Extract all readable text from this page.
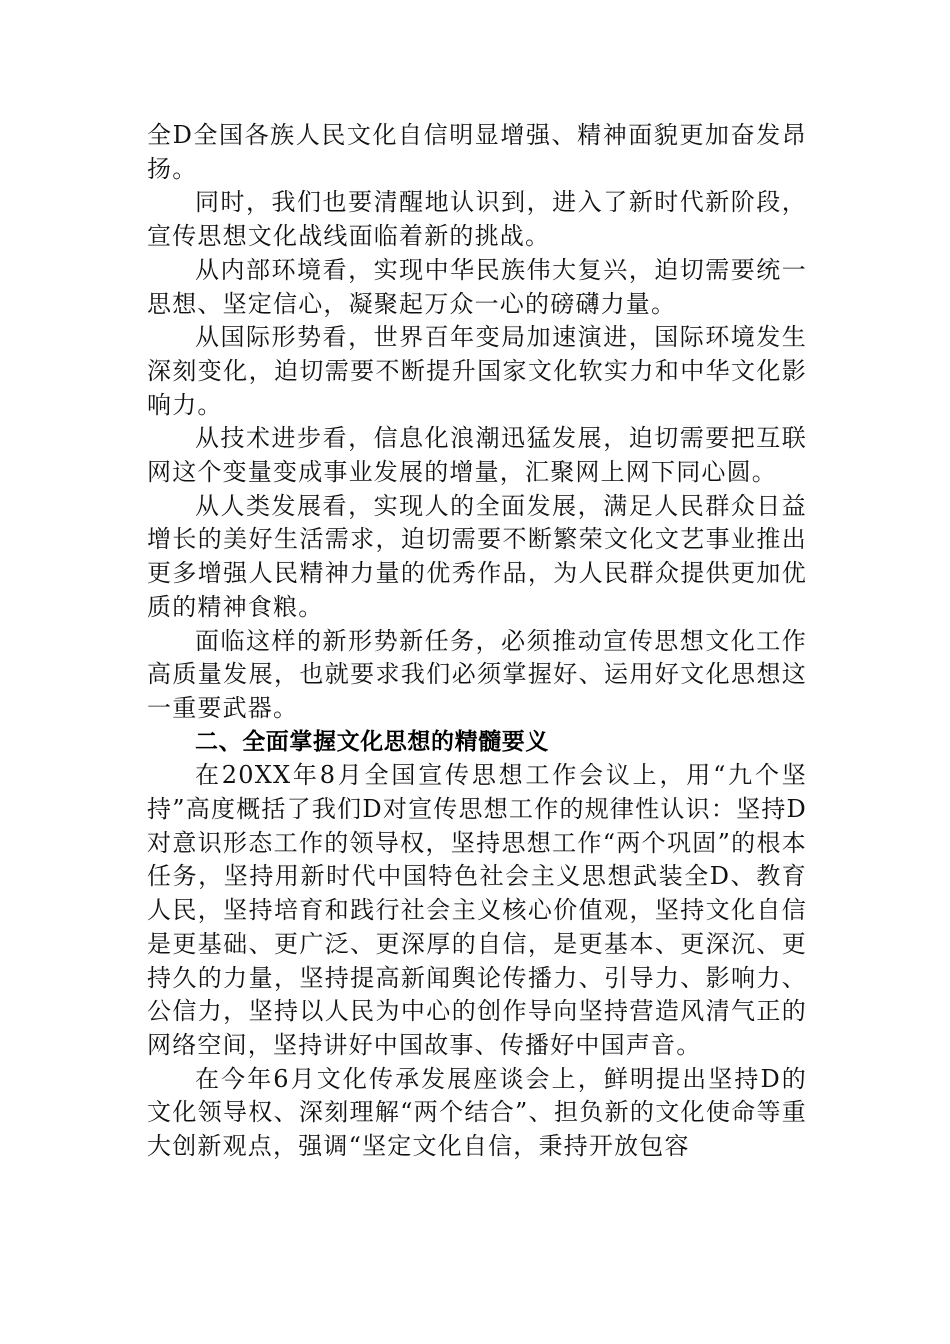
全D全国各族人民文化自信明显增强、精神面貌更加奋发昂扬。

同时，我们也要清醒地认识到，进入了新时代新阶段，宣传思想文化战线面临着新的挑战。

从内部环境看，实现中华民族伟大复兴，迫切需要统一思想、坚定信心，凝聚起万众一心的磅礴力量。

从国际形势看，世界百年变局加速演进，国际环境发生深刻变化，迫切需要不断提升国家文化软实力和中华文化影响力。

从技术进步看，信息化浪潮迅猛发展，迫切需要把互联网这个变量变成事业发展的增量，汇聚网上网下同心圆。

从人类发展看，实现人的全面发展，满足人民群众日益增长的美好生活需求，迫切需要不断繁荣文化文艺事业推出更多增强人民精神力量的优秀作品，为人民群众提供更加优质的精神食粮。

面临这样的新形势新任务，必须推动宣传思想文化工作高质量发展，也就要求我们必须掌握好、运用好文化思想这一重要武器。

二、全面掌握文化思想的精髓要义

在20XX年8月全国宣传思想工作会议上，用“九个坚持”高度概括了我们D对宣传思想工作的规律性认识：坚持D对意识形态工作的领导权，坚持思想工作“两个巩固”的根本任务，坚持用新时代中国特色社会主义思想武装全D、教育人民，坚持培育和践行社会主义核心价值观，坚持文化自信是更基础、更广泛、更深厚的自信，是更基本、更深沉、更持久的力量，坚持提高新闻舆论传播力、引导力、影响力、公信力，坚持以人民为中心的创作导向坚持营造风清气正的网络空间，坚持讲好中国故事、传播好中国声音。

在今年6月文化传承发展座谈会上，鲜明提出坚持D的文化领导权、深刻理解“两个结合”、担负新的文化使命等重大创新观点，强调“坚定文化自信，秉持开放包容
